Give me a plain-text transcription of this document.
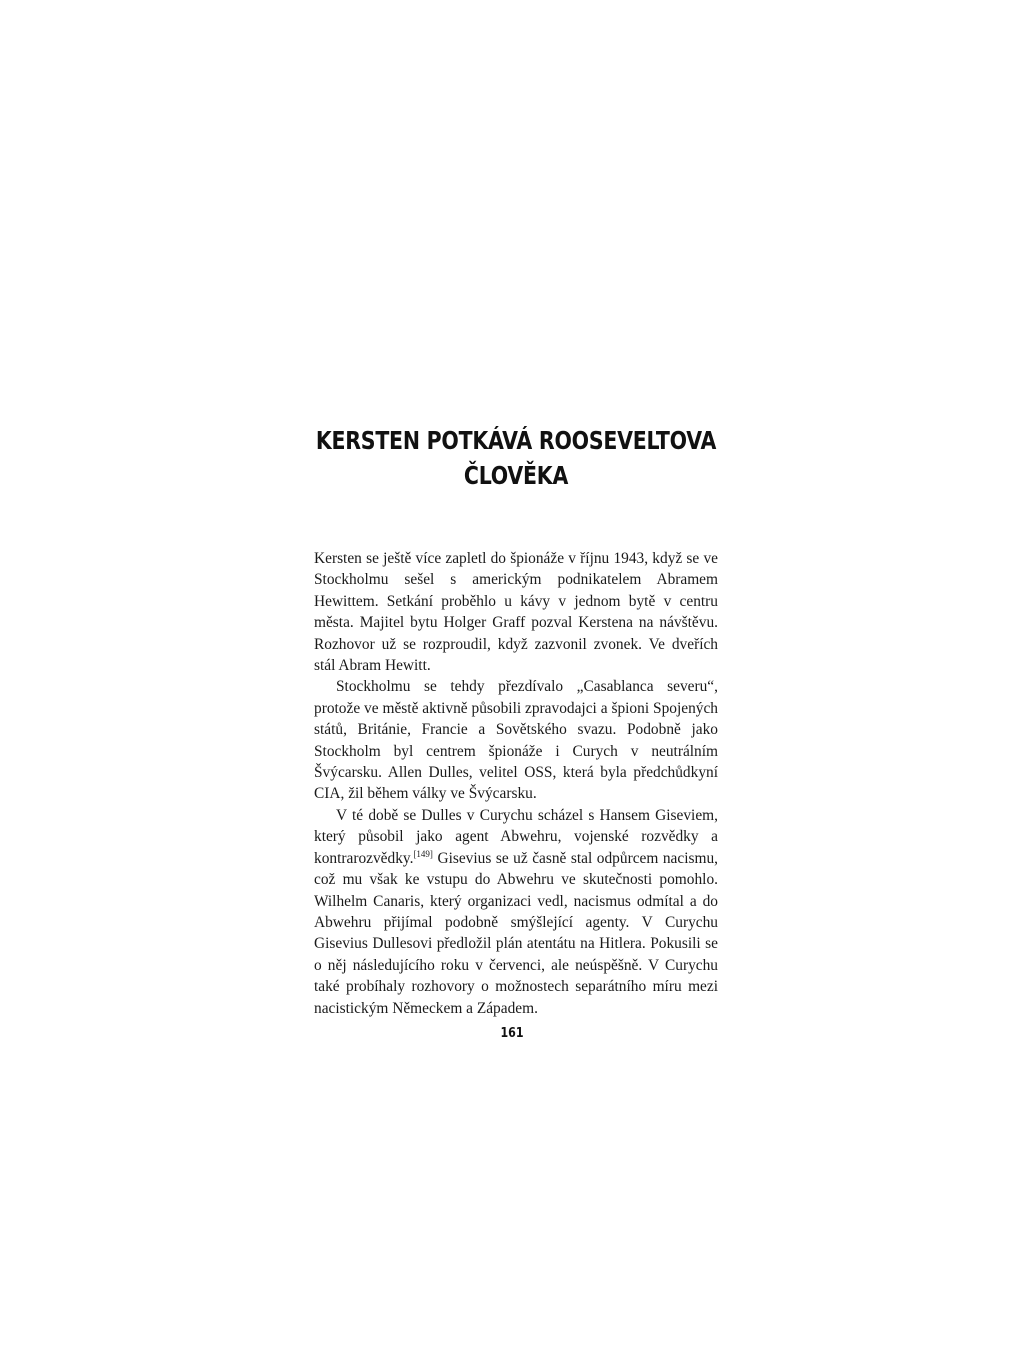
KERSTEN POTKÁVÁ ROOSEVELTOVA
ČLOVĚKA

Kersten se ještě více zapletl do špionáže v říjnu 1943, když se ve Stockholmu sešel s americkým podnikatelem Abramem Hewittem. Setkání proběhlo u kávy v jednom bytě v centru města. Majitel bytu Holger Graff pozval Kerstena na návštěvu. Rozhovor už se rozproudil, když zazvonil zvonek. Ve dveřích stál Abram Hewitt.

Stockholmu se tehdy přezdívalo „Casablanca severu“, protože ve městě aktivně působili zpravodajci a špioni Spojených států, Británie, Francie a Sovětského svazu. Podobně jako Stockholm byl centrem špionáže i Curych v neutrálním Švýcarsku. Allen Dulles, velitel OSS, která byla předchůdkyní CIA, žil během války ve Švýcarsku.

V té době se Dulles v Curychu scházel s Hansem Giseviem, který působil jako agent Abwehru, vojenské rozvědky a kontrarozvědky.[149] Gisevius se už časně stal odpůrcem nacismu, což mu však ke vstupu do Abwehru ve skutečnosti pomohlo. Wilhelm Canaris, který organizaci vedl, nacismus odmítal a do Abwehru přijímal podobně smýšlející agenty. V Curychu Gisevius Dullesovi předložil plán atentátu na Hitlera. Pokusili se o něj následujícího roku v červenci, ale neúspěšně. V Curychu také probíhaly rozhovory o možnostech separátního míru mezi nacistickým Německem a Západem.

161
